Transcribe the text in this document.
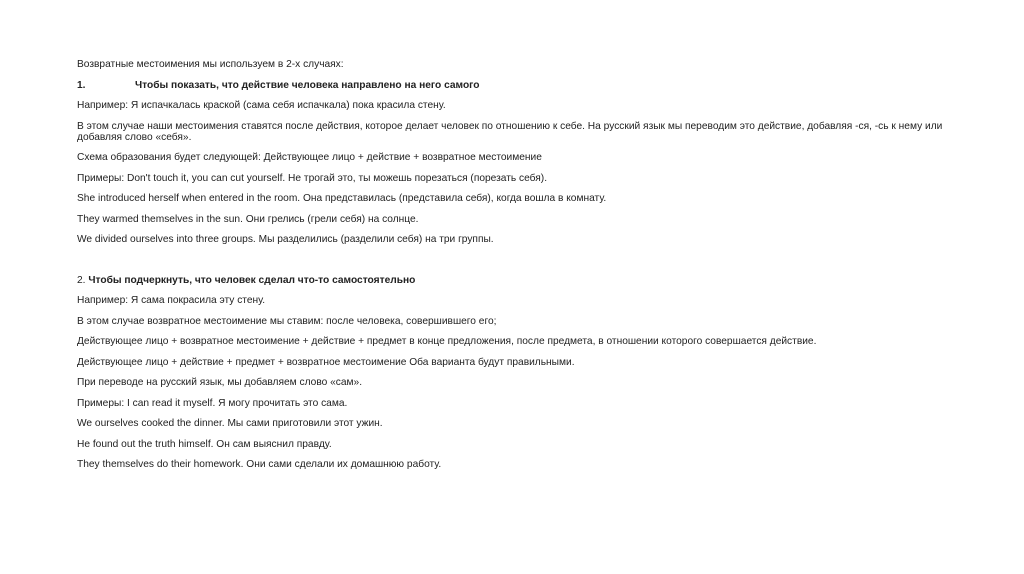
Возвратные местоимения мы используем в 2-х случаях:
1.	Чтобы показать, что действие человека направлено на него самого
Например: Я испачкалась краской (сама себя испачкала) пока красила стену.
В этом случае наши местоимения ставятся после действия, которое делает человек по отношению к себе. На русский язык мы переводим это действие, добавляя -ся, -сь к нему или добавляя слово «себя».
Схема образования будет следующей: Действующее лицо + действие + возвратное местоимение
Примеры: Don't touch it, you can cut yourself. Не трогай это, ты можешь порезаться (порезать себя).
She introduced herself when entered in the room. Она представилась (представила себя), когда вошла в комнату.
They warmed themselves in the sun. Они грелись (грели себя) на солнце.
We divided ourselves into three groups. Мы разделились (разделили себя) на три группы.
2. Чтобы подчеркнуть, что человек сделал что-то самостоятельно
Например: Я сама покрасила эту стену.
В этом случае возвратное местоимение мы ставим: после человека, совершившего его;
Действующее лицо + возвратное местоимение + действие + предмет в конце предложения, после предмета, в отношении которого совершается действие.
Действующее лицо + действие + предмет + возвратное местоимение Оба варианта будут правильными.
При переводе на русский язык, мы добавляем слово «сам».
Примеры: I can read it myself. Я могу прочитать это сама.
We ourselves cooked the dinner. Мы сами приготовили этот ужин.
He found out the truth himself. Он сам выяснил правду.
They themselves do their homework. Они сами сделали их домашнюю работу.
